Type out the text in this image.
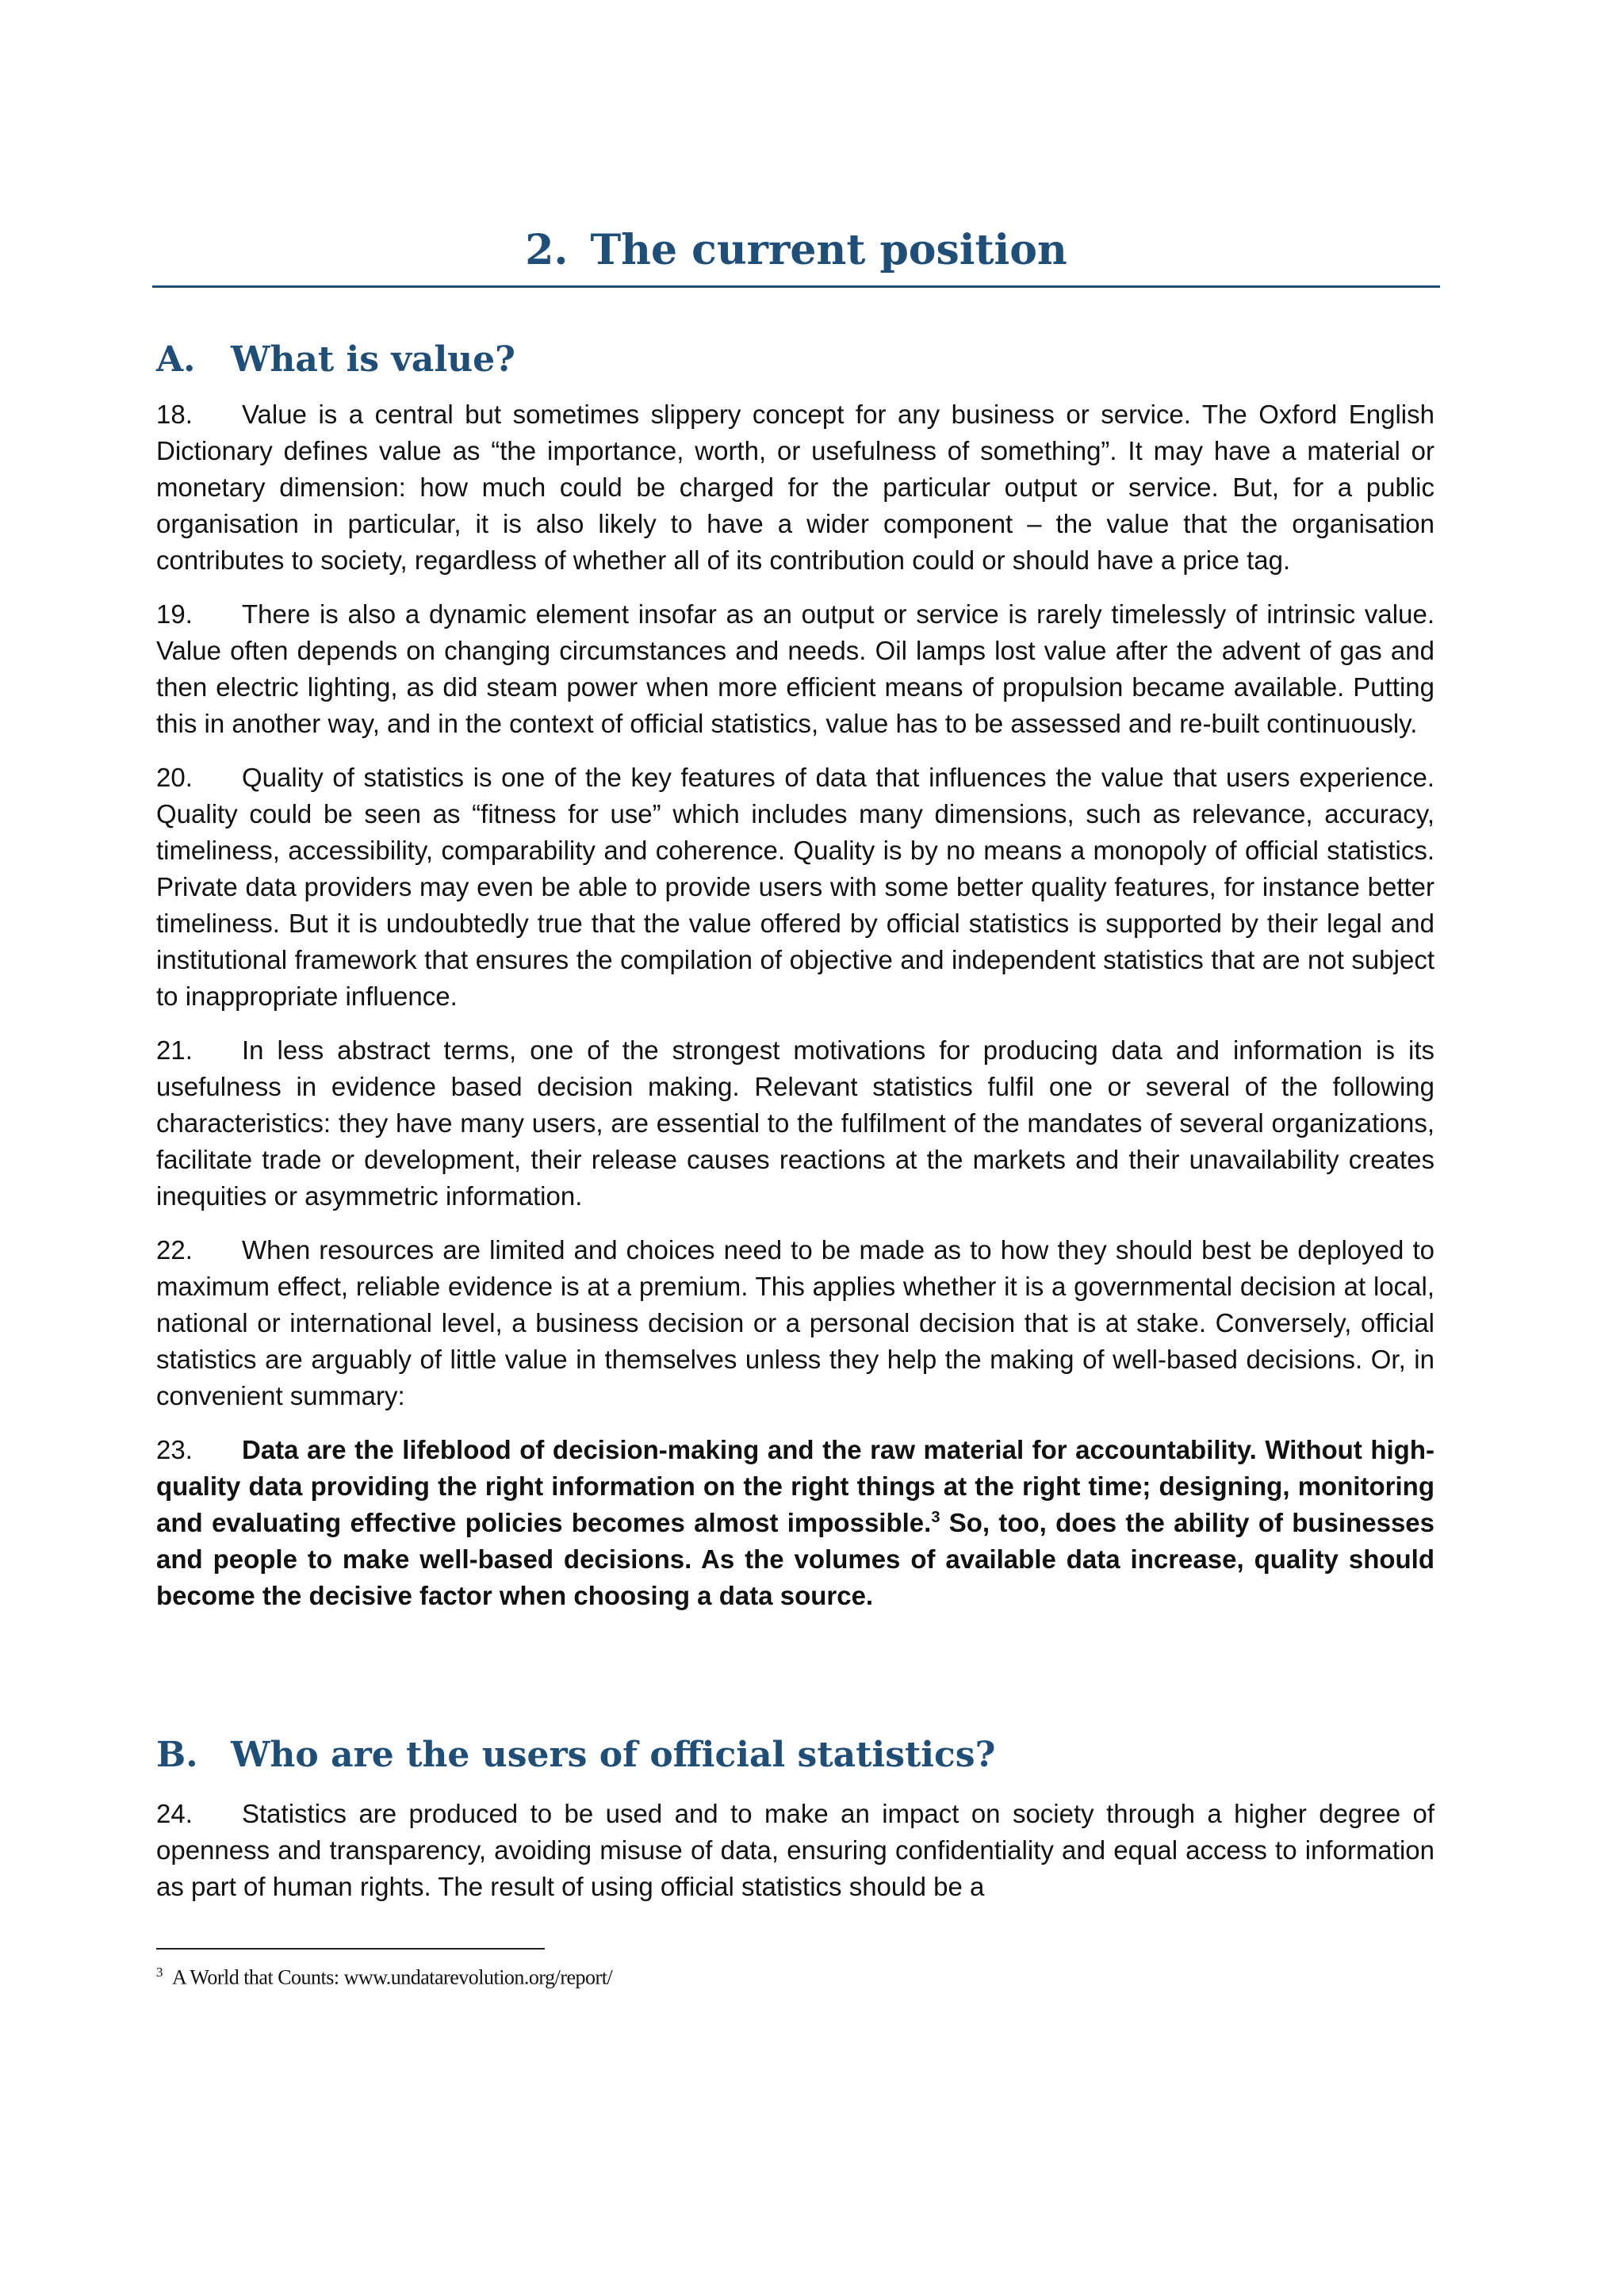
2. The current position
A. What is value?

18. Value is a central but sometimes slippery concept for any business or service. The Oxford English Dictionary defines value as “the importance, worth, or usefulness of something”. It may have a material or monetary dimension: how much could be charged for the particular output or service. But, for a public organisation in particular, it is also likely to have a wider component – the value that the organisation contributes to society, regardless of whether all of its contribution could or should have a price tag.

19. There is also a dynamic element insofar as an output or service is rarely timelessly of intrinsic value. Value often depends on changing circumstances and needs. Oil lamps lost value after the advent of gas and then electric lighting, as did steam power when more efficient means of propulsion became available. Putting this in another way, and in the context of official statistics, value has to be assessed and re-built continuously.

20. Quality of statistics is one of the key features of data that influences the value that users experience. Quality could be seen as “fitness for use” which includes many dimensions, such as relevance, accuracy, timeliness, accessibility, comparability and coherence. Quality is by no means a monopoly of official statistics. Private data providers may even be able to provide users with some better quality features, for instance better timeliness. But it is undoubtedly true that the value offered by official statistics is supported by their legal and institutional framework that ensures the compilation of objective and independent statistics that are not subject to inappropriate influence.

21. In less abstract terms, one of the strongest motivations for producing data and information is its usefulness in evidence based decision making. Relevant statistics fulfil one or several of the following characteristics: they have many users, are essential to the fulfilment of the mandates of several organizations, facilitate trade or development, their release causes reactions at the markets and their unavailability creates inequities or asymmetric information.

22. When resources are limited and choices need to be made as to how they should best be deployed to maximum effect, reliable evidence is at a premium. This applies whether it is a governmental decision at local, national or international level, a business decision or a personal decision that is at stake. Conversely, official statistics are arguably of little value in themselves unless they help the making of well-based decisions. Or, in convenient summary:

23. Data are the lifeblood of decision-making and the raw material for accountability. Without high-quality data providing the right information on the right things at the right time; designing, monitoring and evaluating effective policies becomes almost impossible.$^3$ So, too, does the ability of businesses and people to make well-based decisions. As the volumes of available data increase, quality should become the decisive factor when choosing a data source.

B. Who are the users of official statistics?

24. Statistics are produced to be used and to make an impact on society through a higher degree of openness and transparency, avoiding misuse of data, ensuring confidentiality and equal access to information as part of human rights. The result of using official statistics should be a

$^3$ A World that Counts: www.undatarevolution.org/report/
